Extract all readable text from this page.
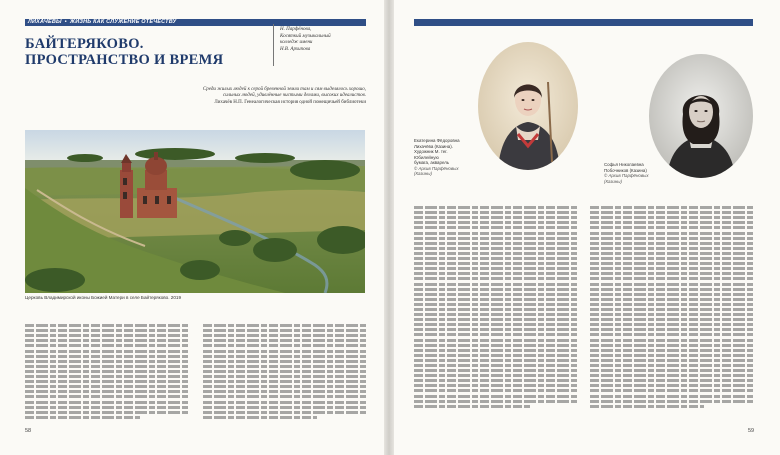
ЛИХАЧЁВЫ • ЖИЗНЬ КАК СЛУЖЕНИЕ ОТЕЧЕСТВУ
БАЙТЕРЯКОВО.
ПРОСТРАНСТВО И ВРЕМЯ
Н. Парфёнова,
Косяткий музыкальный
колледж имени
Н.В. Архипова
Среди жилых людей к серой бревенной земли там и сям выделялось хорошо,
сильных людей, удивлённые чистыми делами, высоких идеалистов.
Лихачёв Н.П. Генеалогическая история одной помещичьей библиотеки
Церковь Владимирской иконы Божией Матери в селе Байтеряково. 2019
58
Екатерина Фёдоровна
Лихачёва (Казина).
Художник М. тег.
Юбилейную
бумага, акварель
© Архив Парфёновых
(Казины)
Софья Николаевна
Побочников (Казина)
© Архив Парфёновых
(Казины)
59
